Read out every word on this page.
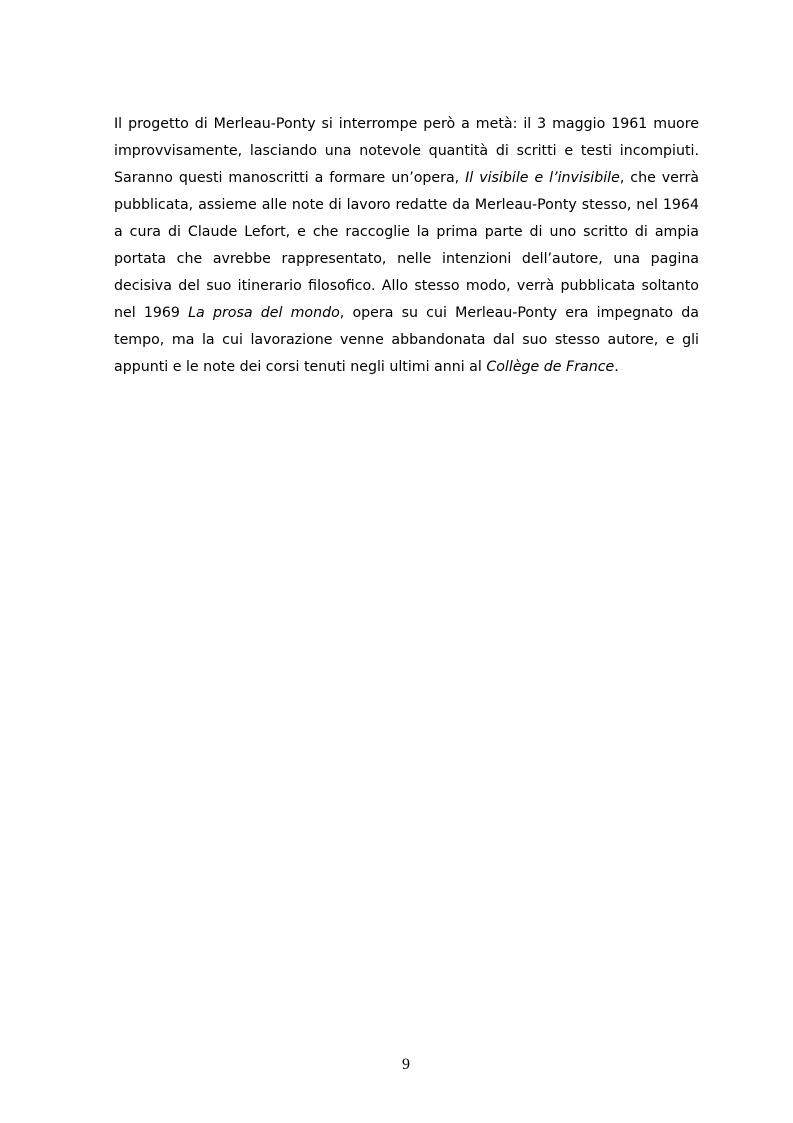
Il progetto di Merleau-Ponty si interrompe però a metà: il 3 maggio 1961 muore improvvisamente, lasciando una notevole quantità di scritti e testi incompiuti. Saranno questi manoscritti a formare un’opera, Il visibile e l’invisibile, che verrà pubblicata, assieme alle note di lavoro redatte da Merleau-Ponty stesso, nel 1964 a cura di Claude Lefort, e che raccoglie la prima parte di uno scritto di ampia portata che avrebbe rappresentato, nelle intenzioni dell’autore, una pagina decisiva del suo itinerario filosofico. Allo stesso modo, verrà pubblicata soltanto nel 1969 La prosa del mondo, opera su cui Merleau-Ponty era impegnato da tempo, ma la cui lavorazione venne abbandonata dal suo stesso autore, e gli appunti e le note dei corsi tenuti negli ultimi anni al Collège de France.

9
